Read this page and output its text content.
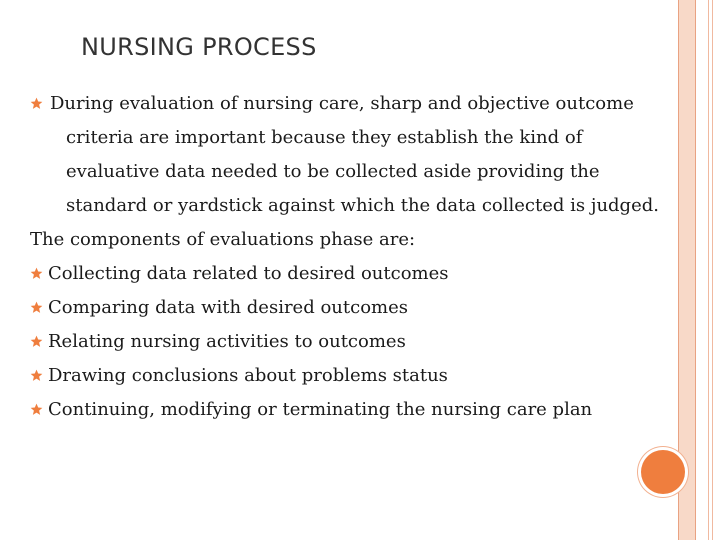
NURSING PROCESS

During evaluation of nursing care, sharp and objective outcome
criteria are important because they establish the kind of
evaluative data needed to be collected aside providing the
standard or yardstick against which the data collected is judged.

The components of evaluations phase are:

Collecting data related to desired outcomes
Comparing data with desired outcomes
Relating nursing activities to outcomes
Drawing conclusions about problems status
Continuing, modifying or terminating the nursing care plan
